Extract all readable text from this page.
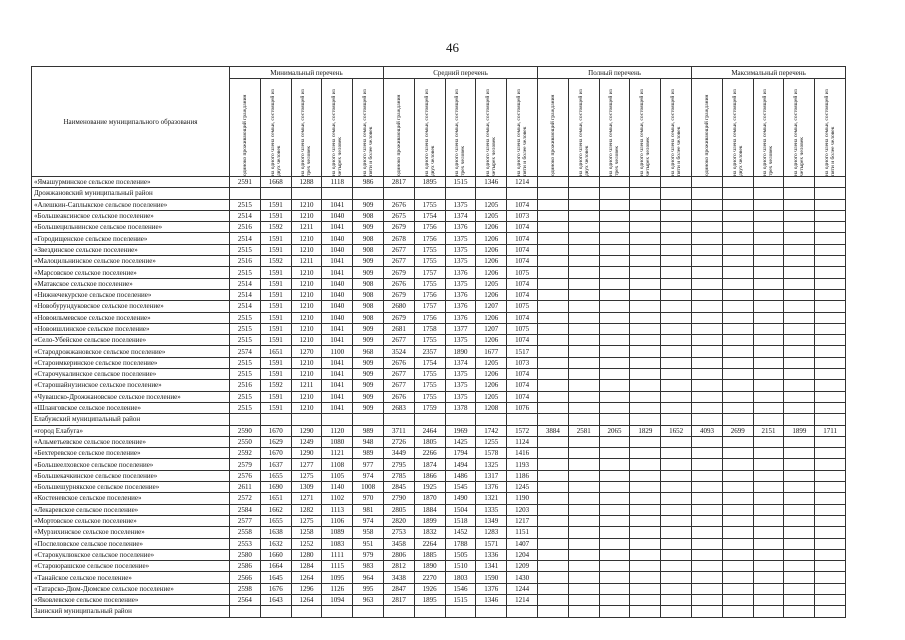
46
Наименование муниципального образования	Минимальный перечень					Средний перечень					Полный перечень					Максимальный перечень				

	одиноко проживающий гражданин	на одного члена семьи, состоящей из двух человек	на одного члена семьи, состоящей из трех человек	на одного члена семьи, состоящей из четырех человек	на одного члена семьи, состоящей из пяти и более человек	одиноко проживающий гражданин	на одного члена семьи, состоящей из двух человек	на одного члена семьи, состоящей из трех человек	на одного члена семьи, состоящей из четырех человек	на одного члена семьи, состоящей из пяти и более человек	одиноко проживающий гражданин	на одного члена семьи, состоящей из двух человек	на одного члена семьи, состоящей из трех человек	на одного члена семьи, состоящей из четырех человек	на одного члена семьи, состоящей из пяти и более человек	одиноко проживающий гражданин	на одного члена семьи, состоящей из двух человек	на одного члена семьи, состоящей из трех человек	на одного члена семьи, состоящей из четырех человек	на одного члена семьи, состоящей из пяти и более человек

«Ямашурминское сельское поселение»	2591	1668	1288	1118	986	2817	1895	1515	1346	1214										
Дрожжановский муниципальный район																				
«Алешкин-Саплыкское сельское поселение»	2515	1591	1210	1041	909	2676	1755	1375	1205	1074										
«Большеаксинское сельское поселение»	2514	1591	1210	1040	908	2675	1754	1374	1205	1073										
«Большецильнинское сельское поселение»	2516	1592	1211	1041	909	2679	1756	1376	1206	1074										
«Городищенское сельское поселение»	2514	1591	1210	1040	908	2678	1756	1375	1206	1074										
«Звездинское сельское поселение»	2515	1591	1210	1040	908	2677	1755	1375	1206	1074										
«Малоцильнинское сельское поселение»	2516	1592	1211	1041	909	2677	1755	1375	1206	1074										
«Марсовское сельское поселение»	2515	1591	1210	1041	909	2679	1757	1376	1206	1075										
«Матакское сельское поселение»	2514	1591	1210	1040	908	2676	1755	1375	1205	1074										
«Нижнечекурское сельское поселение»	2514	1591	1210	1040	908	2679	1756	1376	1206	1074										
«Новобурундуковское сельское поселение»	2514	1591	1210	1040	908	2680	1757	1376	1207	1075										
«Новоильмевское сельское поселение»	2515	1591	1210	1040	908	2679	1756	1376	1206	1074										
«Новоишлинское сельское поселение»	2515	1591	1210	1041	909	2681	1758	1377	1207	1075										
«Село-Убейское сельское поселение»	2515	1591	1210	1041	909	2677	1755	1375	1206	1074										
«Стародрожжановское сельское поселение»	2574	1651	1270	1100	968	3524	2357	1890	1677	1517										
«Староимкеринское сельское поселение»	2515	1591	1210	1041	909	2676	1754	1374	1205	1073										
«Старочукалинское сельское поселение»	2515	1591	1210	1041	909	2677	1755	1375	1206	1074										
«Старошайнузинское сельское поселение»	2516	1592	1211	1041	909	2677	1755	1375	1206	1074										
«Чувашско-Дрожжановское сельское поселение»	2515	1591	1210	1041	909	2676	1755	1375	1205	1074										
«Шланговское сельское поселение»	2515	1591	1210	1041	909	2683	1759	1378	1208	1076										
Елабужский муниципальный район																				
«город Елабуга»	2590	1670	1290	1120	989	3711	2464	1969	1742	1572	3884	2581	2065	1829	1652	4093	2699	2151	1899	1711
«Альметьевское сельское поселение»	2550	1629	1249	1080	948	2726	1805	1425	1255	1124										
«Бехтеревское сельское поселение»	2592	1670	1290	1121	989	3449	2266	1794	1578	1416										
«Большеелховское сельское поселение»	2579	1637	1277	1108	977	2795	1874	1494	1325	1193										
«Большекачкинское сельское поселение»	2576	1655	1275	1105	974	2785	1866	1486	1317	1186										
«Большешурнякское сельское поселение»	2611	1690	1309	1140	1008	2845	1925	1545	1376	1245										
«Костеневское сельское поселение»	2572	1651	1271	1102	970	2790	1870	1490	1321	1190										
«Лекаревское сельское поселение»	2584	1662	1282	1113	981	2805	1884	1504	1335	1203										
«Мортовское сельское поселение»	2577	1655	1275	1106	974	2820	1899	1518	1349	1217										
«Мурзихинское сельское поселение»	2558	1638	1258	1089	958	2753	1832	1452	1283	1151										
«Поспеловское сельское поселение»	2553	1632	1252	1083	951	3458	2264	1788	1571	1407										
«Старокуклюкское сельское поселение»	2580	1660	1280	1111	979	2806	1885	1505	1336	1204										
«Староюрашское сельское поселение»	2586	1664	1284	1115	983	2812	1890	1510	1341	1209										
«Танайское сельское поселение»	2566	1645	1264	1095	964	3438	2270	1803	1590	1430										
«Татарско-Дюм-Дюмское сельское поселение»	2598	1676	1296	1126	995	2847	1926	1546	1376	1244										
«Яковлевское сельское поселение»	2564	1643	1264	1094	963	2817	1895	1515	1346	1214										
Заинский муниципальный район																				
